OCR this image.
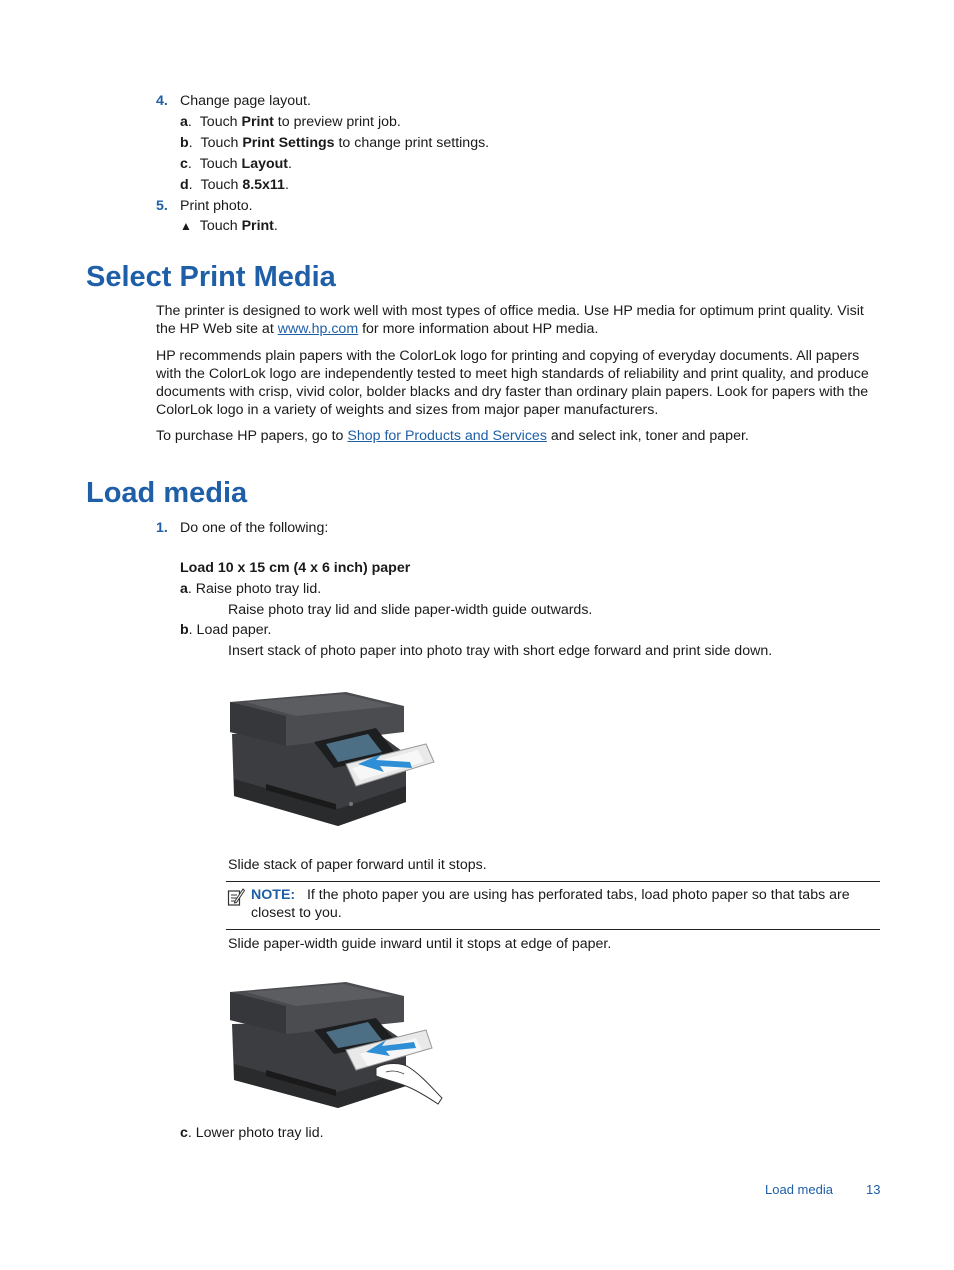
4. Change page layout.
a.  Touch Print to preview print job.
b.  Touch Print Settings to change print settings.
c.  Touch Layout.
d.  Touch 8.5x11.
5. Print photo.
▲ Touch Print.
Select Print Media

The printer is designed to work well with most types of office media. Use HP media for optimum print quality. Visit the HP Web site at www.hp.com for more information about HP media.

HP recommends plain papers with the ColorLok logo for printing and copying of everyday documents. All papers with the ColorLok logo are independently tested to meet high standards of reliability and print quality, and produce documents with crisp, vivid color, bolder blacks and dry faster than ordinary plain papers. Look for papers with the ColorLok logo in a variety of weights and sizes from major paper manufacturers.

To purchase HP papers, go to Shop for Products and Services and select ink, toner and paper.

Load media
1. Do one of the following:
Load 10 x 15 cm (4 x 6 inch) paper
a. Raise photo tray lid.
Raise photo tray lid and slide paper-width guide outwards.
b. Load paper.
Insert stack of photo paper into photo tray with short edge forward and print side down.
Slide stack of paper forward until it stops.
NOTE: If the photo paper you are using has perforated tabs, load photo paper so that tabs are closest to you.
Slide paper-width guide inward until it stops at edge of paper.
c. Lower photo tray lid.
Load media	13
